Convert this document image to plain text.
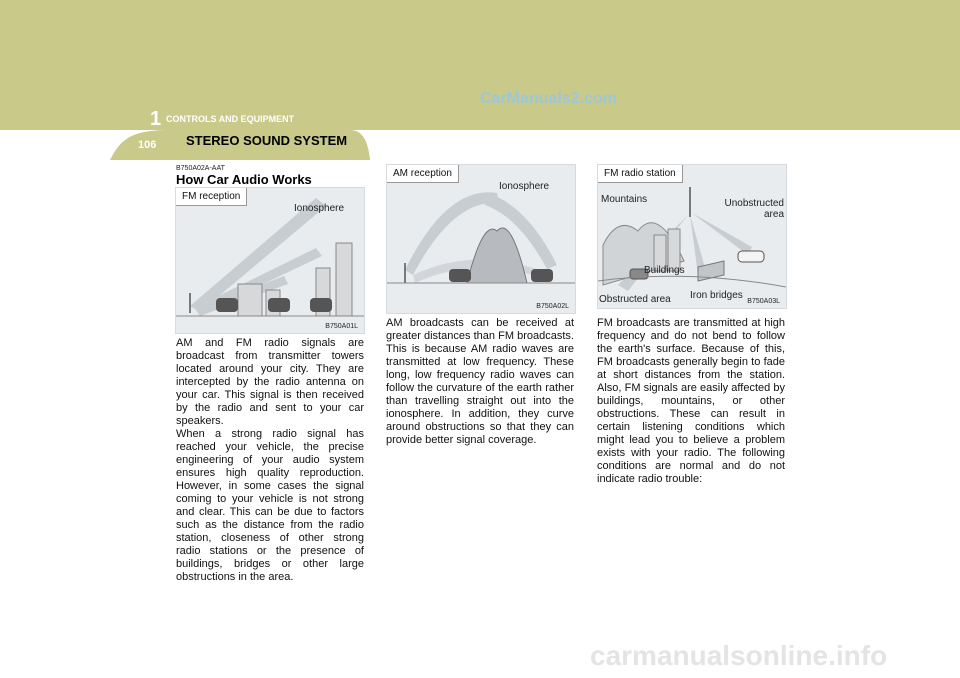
CarManuals2.com
1 CONTROLS AND EQUIPMENT
106 STEREO SOUND SYSTEM
B750A02A-AAT
How Car Audio Works
FM reception
Ionosphere
B750A01L

AM and FM radio signals are broadcast from transmitter towers located around your city. They are intercepted by the radio antenna on your car. This signal is then received by the radio and sent to your car speakers.

When a strong radio signal has reached your vehicle, the precise engineering of your audio system ensures high quality reproduction. However, in some cases the signal coming to your vehicle is not strong and clear. This can be due to factors such as the distance from the radio station, closeness of other strong radio stations or the presence of buildings, bridges or other large obstructions in the area.

AM reception
Ionosphere
B750A02L

AM broadcasts can be received at greater distances than FM broadcasts. This is because AM radio waves are transmitted at low frequency. These long, low frequency radio waves can follow the curvature of the earth rather than travelling straight out into the ionosphere. In addition, they curve around obstructions so that they can provide better signal coverage.

FM radio station
Mountains	Unobstructed area
Buildings
Obstructed area Iron bridges
B750A03L

FM broadcasts are transmitted at high frequency and do not bend to follow the earth's surface. Because of this, FM broadcasts generally begin to fade at short distances from the station. Also, FM signals are easily affected by buildings, mountains, or other obstructions. These can result in certain listening conditions which might lead you to believe a problem exists with your radio. The following conditions are normal and do not indicate radio trouble:

carmanualsonline.info
